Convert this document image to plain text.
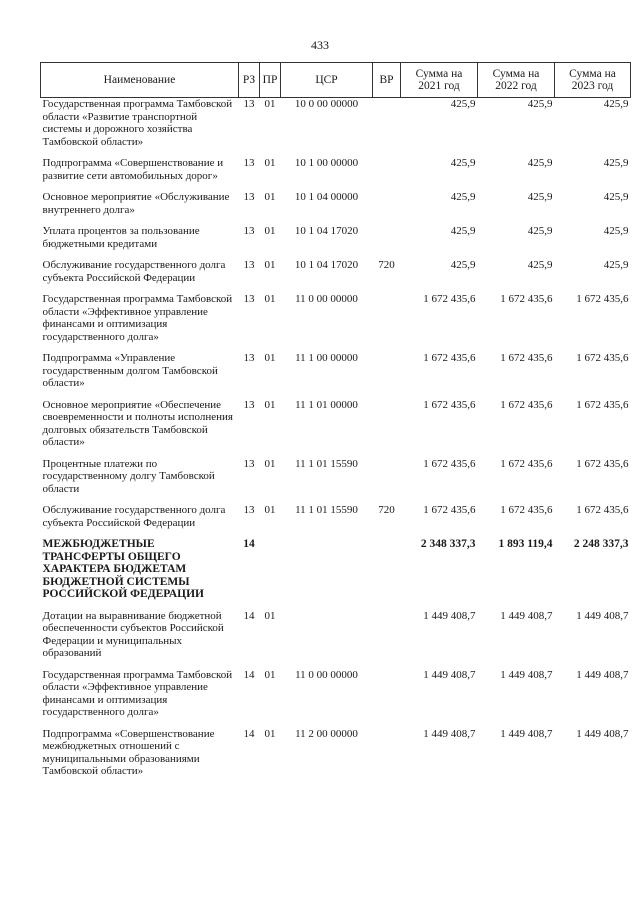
433
Наименование	РЗ	ПР	ЦСР	ВР	Сумма на 2021 год	Сумма на 2022 год	Сумма на 2023 год
Государственная программа Тамбовской области «Развитие транспортной системы и дорожного хозяйства Тамбовской области»	13	01	10 0 00 00000		425,9	425,9	425,9
Подпрограмма «Совершенствование и развитие сети автомобильных дорог»	13	01	10 1 00 00000		425,9	425,9	425,9
Основное мероприятие «Обслуживание внутреннего долга»	13	01	10 1 04 00000		425,9	425,9	425,9
Уплата процентов за пользование бюджетными кредитами	13	01	10 1 04 17020		425,9	425,9	425,9
Обслуживание государственного долга субъекта Российской Федерации	13	01	10 1 04 17020	720	425,9	425,9	425,9
Государственная программа Тамбовской области «Эффективное управление финансами и оптимизация государственного долга»	13	01	11 0 00 00000		1 672 435,6	1 672 435,6	1 672 435,6
Подпрограмма «Управление государственным долгом Тамбовской области»	13	01	11 1 00 00000		1 672 435,6	1 672 435,6	1 672 435,6
Основное мероприятие «Обеспечение своевременности и полноты исполнения долговых обязательств Тамбовской области»	13	01	11 1 01 00000		1 672 435,6	1 672 435,6	1 672 435,6
Процентные платежи по государственному долгу Тамбовской области	13	01	11 1 01 15590		1 672 435,6	1 672 435,6	1 672 435,6
Обслуживание государственного долга субъекта Российской Федерации	13	01	11 1 01 15590	720	1 672 435,6	1 672 435,6	1 672 435,6
МЕЖБЮДЖЕТНЫЕ ТРАНСФЕРТЫ ОБЩЕГО ХАРАКТЕРА БЮДЖЕТАМ БЮДЖЕТНОЙ СИСТЕМЫ РОССИЙСКОЙ ФЕДЕРАЦИИ	14				2 348 337,3	1 893 119,4	2 248 337,3
Дотации на выравнивание бюджетной обеспеченности субъектов Российской Федерации и муниципальных образований	14	01			1 449 408,7	1 449 408,7	1 449 408,7
Государственная программа Тамбовской области «Эффективное управление финансами и оптимизация государственного долга»	14	01	11 0 00 00000		1 449 408,7	1 449 408,7	1 449 408,7
Подпрограмма «Совершенствование межбюджетных отношений с муниципальными образованиями Тамбовской области»	14	01	11 2 00 00000		1 449 408,7	1 449 408,7	1 449 408,7
